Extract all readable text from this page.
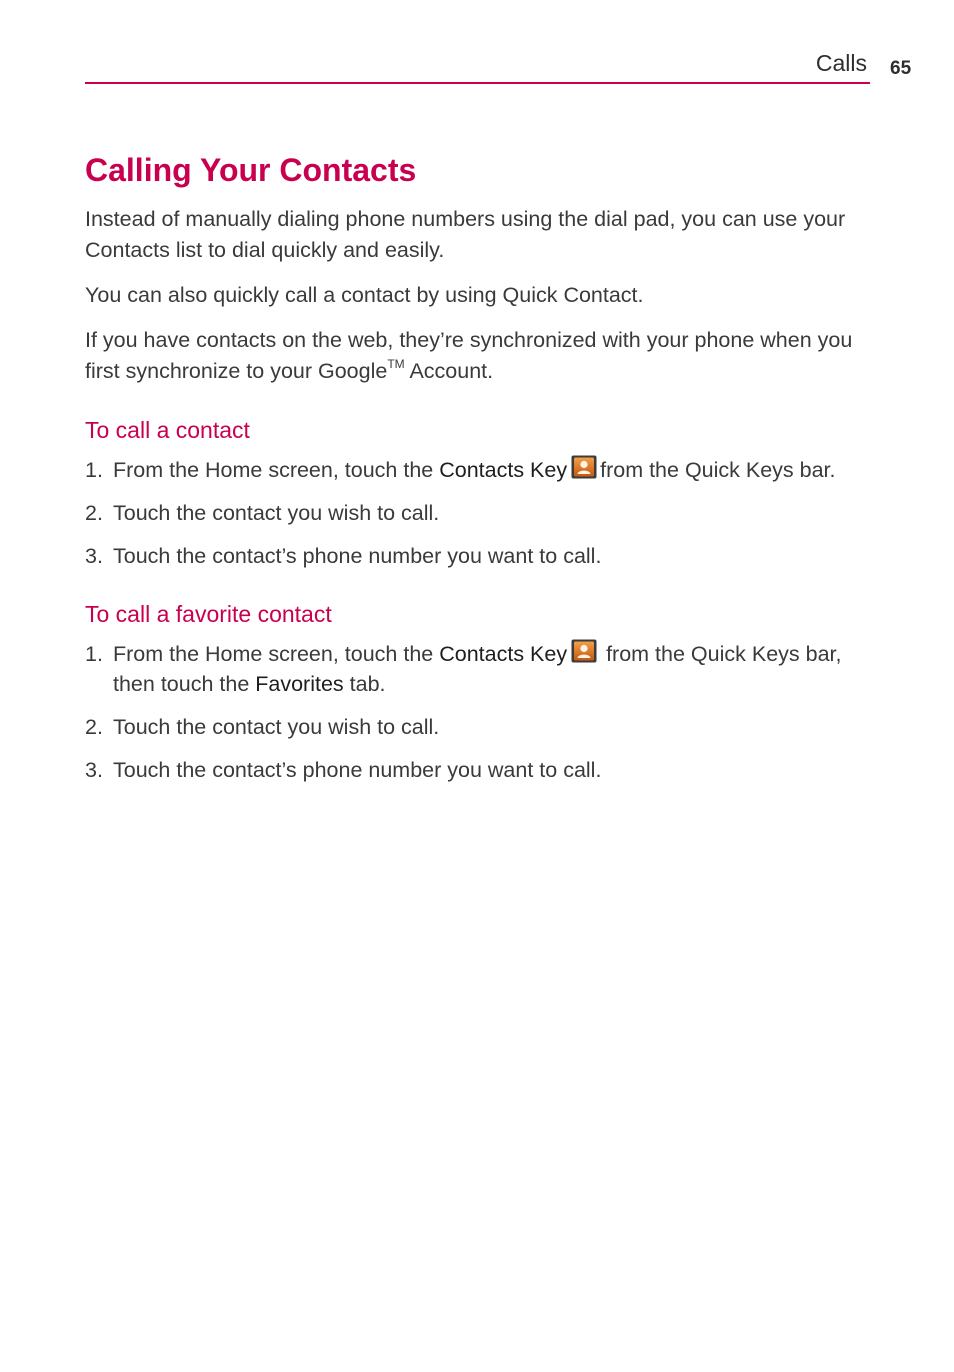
Calls 65
Calling Your Contacts

Instead of manually dialing phone numbers using the dial pad, you can use your Contacts list to dial quickly and easily.

You can also quickly call a contact by using Quick Contact.

If you have contacts on the web, they’re synchronized with your phone when you first synchronize to your Google™ Account.

To call a contact
1. From the Home screen, touch the Contacts Key from the Quick Keys bar.
2. Touch the contact you wish to call.
3. Touch the contact’s phone number you want to call.
To call a favorite contact
1. From the Home screen, touch the Contacts Key from the Quick Keys bar, then touch the Favorites tab.
2. Touch the contact you wish to call.
3. Touch the contact’s phone number you want to call.
